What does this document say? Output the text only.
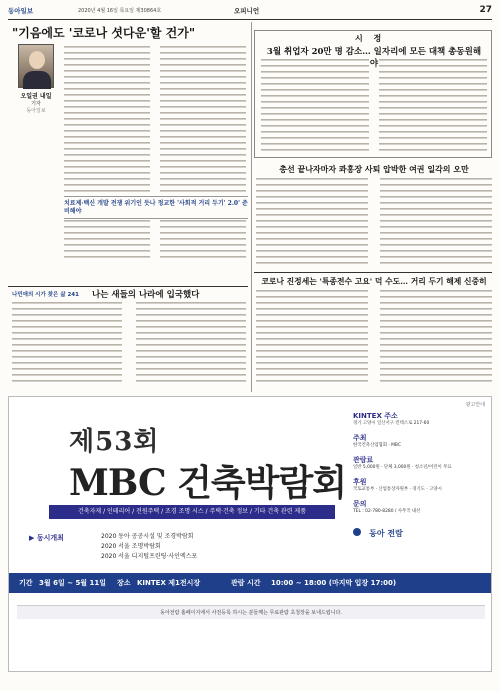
동아일보	2020년 4월 16일 목요일 제30864호	오피니언	27
"기음에도 '코로나 셧다운'할 건가"
오일권 내일
기자
동아일보
치료제·백신 개발 전쟁 위기인 듯나 정교한 '사회적 거리 두기' 2.0' 준비해야
나민애의 시가 찾은 삶 241 나는 새들의 나라에 입국했다
시 정
3월 취업자 20만 명 감소… 일자리에 모든 대책 총동원해야
총선 끝나자마자 콰홍장 사퇴 압박한 여권 일각의 오만
코로나 진정세는 '특종전수 고요' 덕 수도… 거리 두기 해제 신중히
광고안내
제53회
MBC 건축박람회
건축자재 / 인테리어 / 전원주택 / 조경 조명 시스 / 주택·건축 정보 / 기타 건축 관련 제품
▶ 동시개최	2020 동아 공공시설 및 조경박람회
2020 서울 조명박람회
2020 서울 디지털프린팅·사인엑스포
KINTEX 주소
경기 고양시 일산서구 킨텍스로 217-60
주최
한국건축산업협회 · MBC
관람료
일반 5,000원 · 단체 3,000원 · 청소년/어린이 무료
후원
국토교통부 · 산업통상자원부 · 경기도 · 고양시
문의
TEL : 02-780-8280 / 사무국 내선
동아 전람
기간 3월 6일 ~ 5월 11일 장소 KINTEX 제1전시장	관람 시간 10:00 ~ 18:00 (마지막 입장 17:00)
동아전람 홈페이지에서 사전등록 하시는 분들께는 무료관람 초청장을 보내드립니다.
